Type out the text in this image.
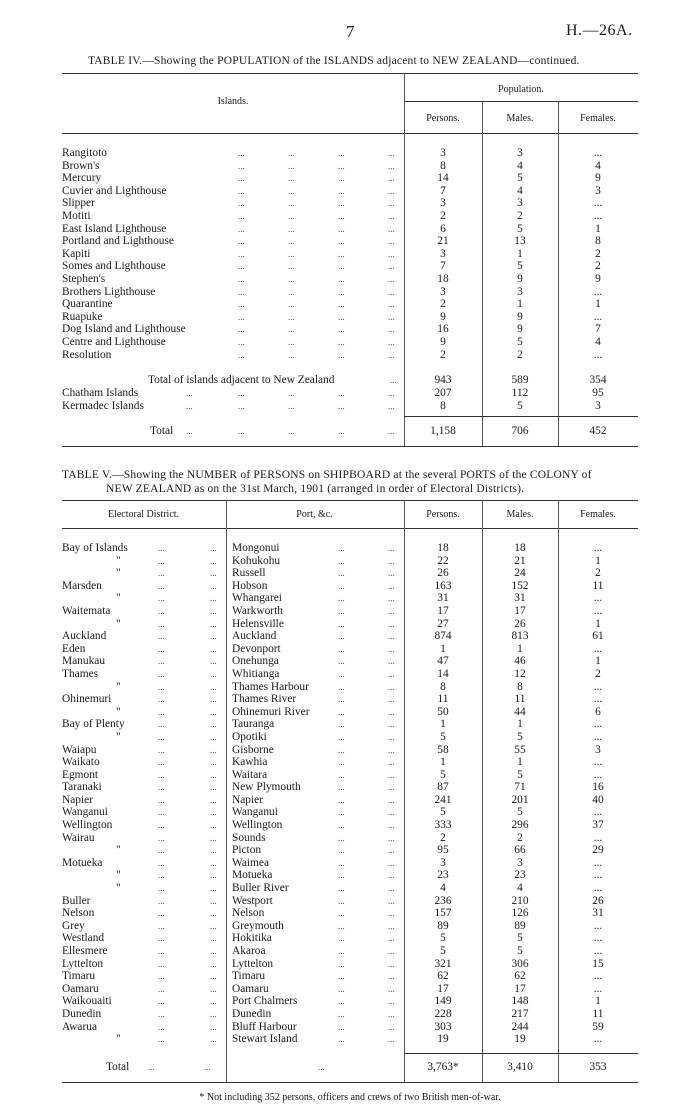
7	H.—26A.
TABLE IV.—Showing the POPULATION of the ISLANDS adjacent to NEW ZEALAND—continued.
Islands.
Population.
Persons.	Males.	Females.
Rangitoto	...	...	...	...	3	3	...
Brown's	...	...	...	...	8	4	4
Mercury	...	...	...	...	14	5	9
Cuvier and Lighthouse	...	...	...	...	7	4	3
Slipper	...	...	...	...	3	3	...
Motiti	...	...	...	...	2	2	...
East Island Lighthouse	...	...	...	...	6	5	1
Portland and Lighthouse	...	...	...	...	21	13	8
Kapiti	...	...	...	...	3	1	2
Somes and Lighthouse	...	...	...	...	7	5	2
Stephen's	...	...	...	...	18	9	9
Brothers Lighthouse	...	...	...	...	3	3	...
Quarantine	...	...	...	...	2	1	1
Ruapuke	...	...	...	...	9	9	...
Dog Island and Lighthouse	...	...	...	...	16	9	7
Centre and Lighthouse	...	...	...	...	9	5	4
Resolution	...	...	...	...	2	2	...
Total of islands adjacent to New Zealand	...	943	589	354
Chatham Islands	...	...	...	...	...	207	112	95
Kermadec Islands	...	...	...	...	...	8	5	3
Total ...	...	...	...	...	1,158	706	452
TABLE V.—Showing the NUMBER of PERSONS on SHIPBOARD at the several PORTS of the COLONY of
NEW ZEALAND as on the 31st March, 1901 (arranged in order of Electoral Districts).
Electoral District.	Port, &c.	Persons.	Males.	Females.
Bay of Islands	...	... Mongonui	...	...	18	18	...
"	...	... Kohukohu	...	...	22	21	1
"	...	... Russell	...	...	26	24	2
Marsden	...	... Hobson	...	...	163	152	11
"	...	... Whangarei	...	...	31	31	...
Waitemata	...	... Warkworth	...	...	17	17	...
"	...	... Helensville	...	...	27	26	1
Auckland	...	... Auckland	...	...	874	813	61
Eden	...	... Devonport	...	...	1	1	...
Manukau	...	... Onehunga	...	...	47	46	1
Thames	...	... Whitianga	...	...	14	12	2
"	...	... Thames Harbour	...	...	8	8	...
Ohinemuri	...	... Thames River	...	...	11	11	...
"	...	... Ohinemuri River	...	...	50	44	6
Bay of Plenty	...	... Tauranga	...	...	1	1	...
"	...	... Opotiki	...	...	5	5	...
Waiapu	...	... Gisborne	...	...	58	55	3
Waikato	...	... Kawhia	...	...	1	1	...
Egmont	...	... Waitara	...	...	5	5	...
Taranaki	...	... New Plymouth	...	...	87	71	16
Napier	...	... Napier	...	...	241	201	40
Wanganui	...	... Wanganui	...	...	5	5	...
Wellington	...	... Wellington	...	...	333	296	37
Wairau	...	... Sounds	...	...	2	2	...
"	...	... Picton	...	...	95	66	29
Motueka	...	... Waimea	...	...	3	3	...
"	...	... Motueka	...	...	23	23	...
"	...	... Buller River	...	...	4	4	...
Buller	...	... Westport	...	...	236	210	26
Nelson	...	... Nelson	...	...	157	126	31
Grey	...	... Greymouth	...	...	89	89	...
Westland	...	... Hokitika	...	...	5	5	...
Ellesmere	...	... Akaroa	...	...	5	5	...
Lyttelton	...	... Lyttelton	...	...	321	306	15
Timaru	...	... Timaru	...	...	62	62	...
Oamaru	...	... Oamaru	...	...	17	17	...
Waikouaiti	...	... Port Chalmers	...	...	149	148	1
Dunedin	...	... Dunedin	...	...	228	217	11
Awarua	...	... Bluff Harbour	...	...	303	244	59
"	...	... Stewart Island	...	...	19	19	...
Total ...	...	...	3,763*	3,410	353
* Not including 352 persons, officers and crews of two British men-of-war.
